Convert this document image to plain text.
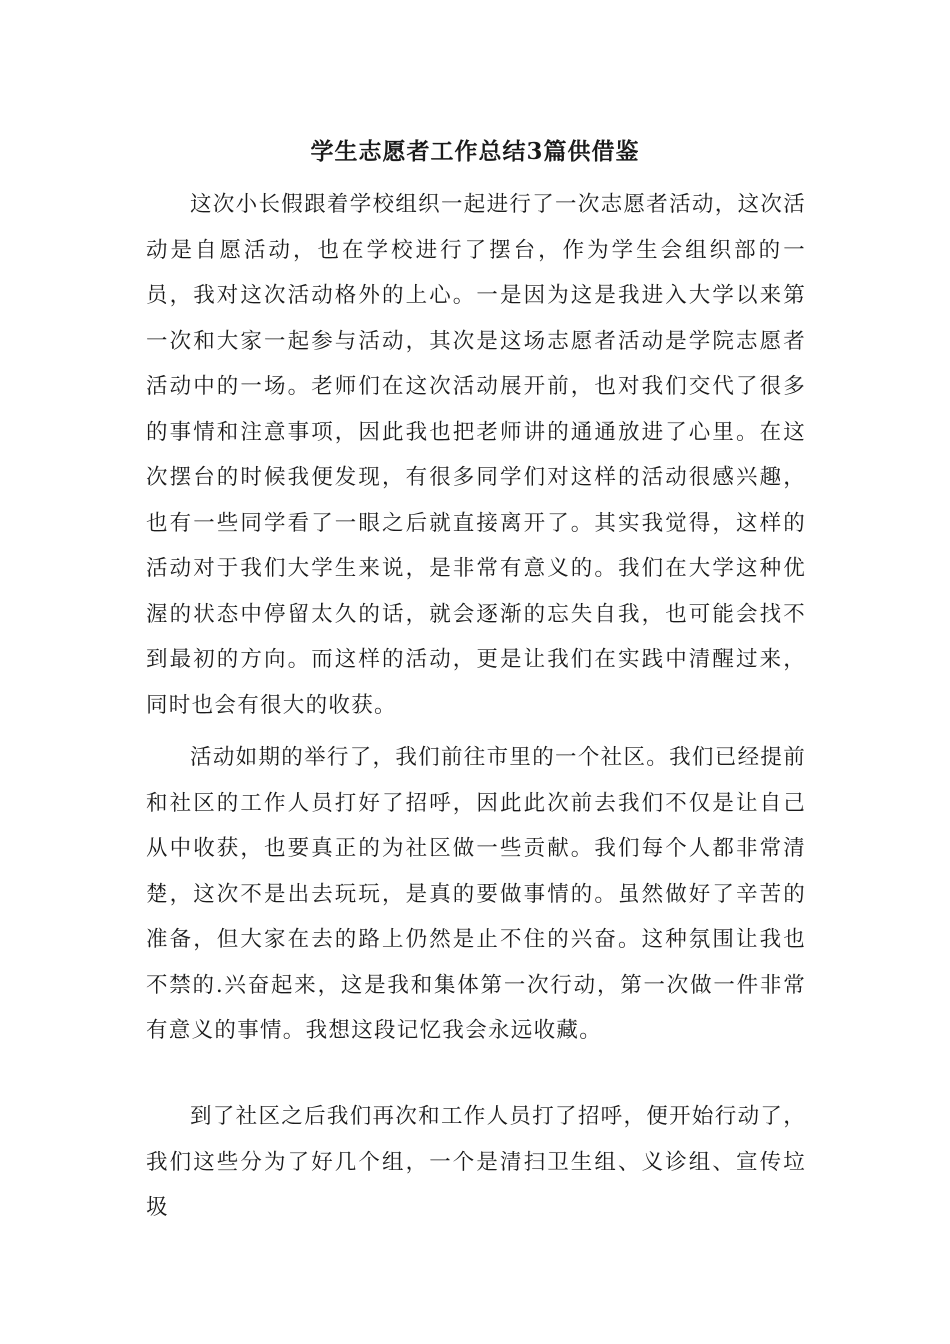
学生志愿者工作总结3篇供借鉴

这次小长假跟着学校组织一起进行了一次志愿者活动，这次活动是自愿活动，也在学校进行了摆台，作为学生会组织部的一员，我对这次活动格外的上心。一是因为这是我进入大学以来第一次和大家一起参与活动，其次是这场志愿者活动是学院志愿者活动中的一场。老师们在这次活动展开前，也对我们交代了很多的事情和注意事项，因此我也把老师讲的通通放进了心里。在这次摆台的时候我便发现，有很多同学们对这样的活动很感兴趣，也有一些同学看了一眼之后就直接离开了。其实我觉得，这样的活动对于我们大学生来说，是非常有意义的。我们在大学这种优渥的状态中停留太久的话，就会逐渐的忘失自我，也可能会找不到最初的方向。而这样的活动，更是让我们在实践中清醒过来，同时也会有很大的收获。

活动如期的举行了，我们前往市里的一个社区。我们已经提前和社区的工作人员打好了招呼，因此此次前去我们不仅是让自己从中收获，也要真正的为社区做一些贡献。我们每个人都非常清楚，这次不是出去玩玩，是真的要做事情的。虽然做好了辛苦的准备，但大家在去的路上仍然是止不住的兴奋。这种氛围让我也不禁的.兴奋起来，这是我和集体第一次行动，第一次做一件非常有意义的事情。我想这段记忆我会永远收藏。

到了社区之后我们再次和工作人员打了招呼，便开始行动了，我们这些分为了好几个组，一个是清扫卫生组、义诊组、宣传垃圾
